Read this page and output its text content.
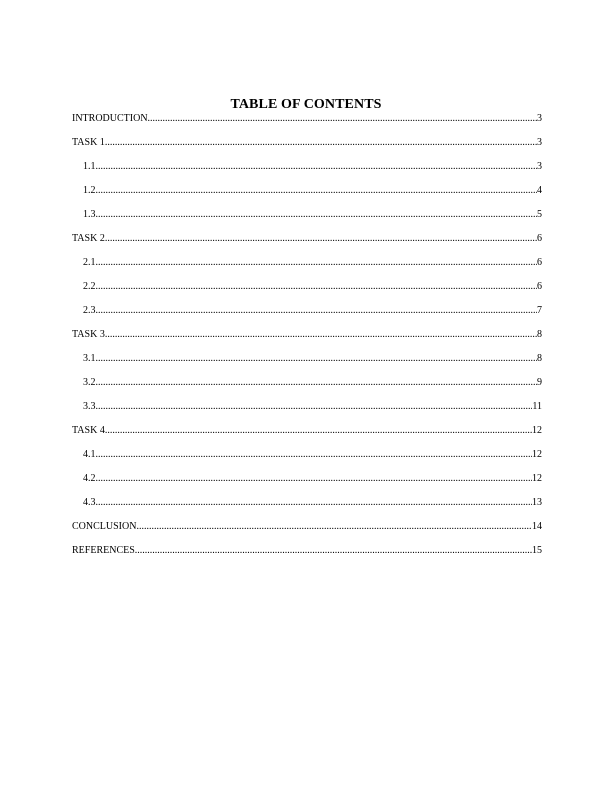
TABLE OF CONTENTS
INTRODUCTION .....	3
TASK 1 .....	3
1.1 .....	3
1.2 .....	4
1.3 .....	5
TASK 2 .....	6
2.1 .....	6
2.2 .....	6
2.3 .....	7
TASK 3 .....	8
3.1 .....	8
3.2 .....	9
3.3 .....	11
TASK 4 .....	12
4.1 .....	12
4.2 .....	12
4.3 .....	13
CONCLUSION .....	14
REFERENCES .....	15
